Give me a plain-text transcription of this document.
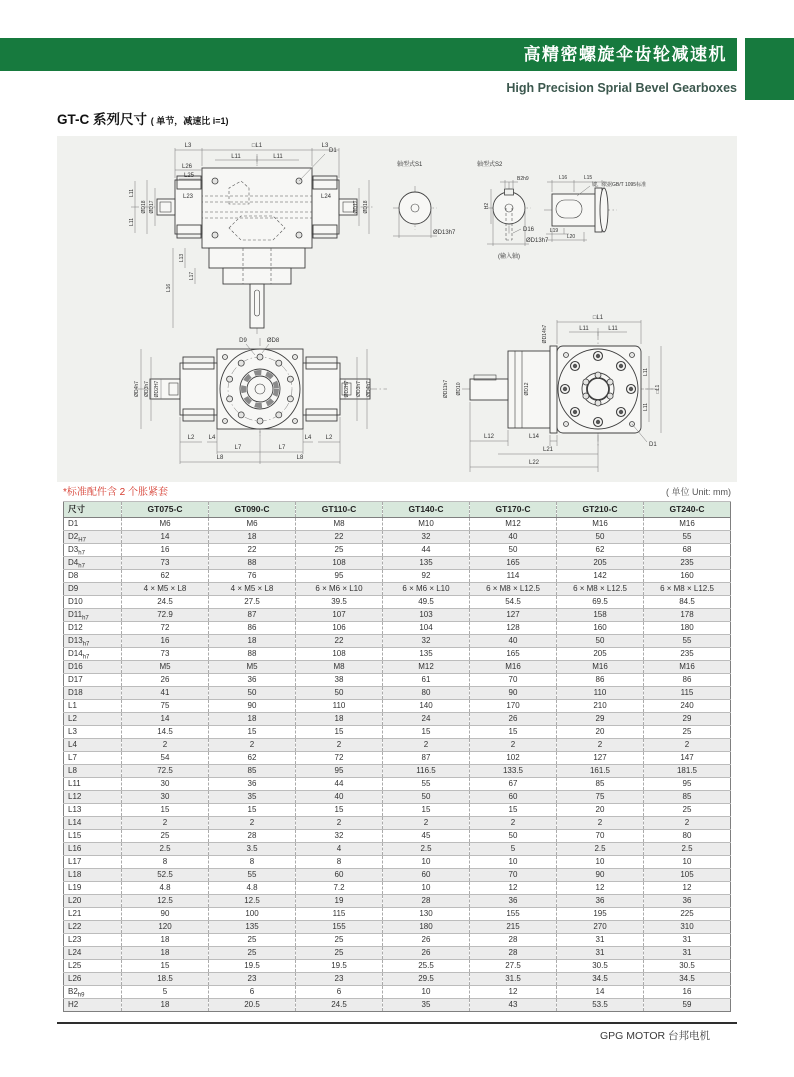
高精密螺旋伞齿轮减速机
High Precision Sprial Bevel Gearboxes
GT-C 系列尺寸 ( 单节，减速比 i=1)
L3	□L1	L3
D1
L11	L11
L26
L25
L23	L24
ØD18 ØD17	ØD17 ØD18
L11
L11
L13
L16
L17
轴型式S1
ØD13h7
轴型式S2
B2h9
H2
D16
ØD13h7
(输入轴)
L16	L15
L19
L20
键，依据GB/T 1095标准
D9	ØD8
ØD4h7 ØD3h7 ØD2H7	ØD2H7 ØD3h7 ØD4h7
L2 L4	L4 L2
L7	L7
L8	L8
ØD14h7
□L1
L11	L11
ØD11h7 ØD10	ØD12
L11
L11
□L1
L12	L14
L21
L22
D1
*标准配件含 2 个胀紧套	( 单位 Unit: mm)
尺寸	GT075-C	GT090-C	GT110-C	GT140-C	GT170-C	GT210-C	GT240-C
D1	M6	M6	M8	M10	M12	M16	M16
$D2_{H7}$	14	18	22	32	40	50	55
$D3_{h7}$	16	22	25	44	50	62	68
$D4_{h7}$	73	88	108	135	165	205	235
D8	62	76	95	92	114	142	160
D9	4 × M5 × L8	4 × M5 × L8	6 × M6 × L10	6 × M6 × L10	6 × M8 × L12.5	6 × M8 × L12.5	6 × M8 × L12.5
D10	24.5	27.5	39.5	49.5	54.5	69.5	84.5
$D11_{h7}$	72.9	87	107	103	127	158	178
D12	72	86	106	104	128	160	180
$D13_{h7}$	16	18	22	32	40	50	55
$D14_{h7}$	73	88	108	135	165	205	235
D16	M5	M5	M8	M12	M16	M16	M16
D17	26	36	38	61	70	86	86
D18	41	50	50	80	90	110	115
L1	75	90	110	140	170	210	240
L2	14	18	18	24	26	29	29
L3	14.5	15	15	15	15	20	25
L4	2	2	2	2	2	2	2
L7	54	62	72	87	102	127	147
L8	72.5	85	95	116.5	133.5	161.5	181.5
L11	30	36	44	55	67	85	95
L12	30	35	40	50	60	75	85
L13	15	15	15	15	15	20	25
L14	2	2	2	2	2	2	2
L15	25	28	32	45	50	70	80
L16	2.5	3.5	4	2.5	5	2.5	2.5
L17	8	8	8	10	10	10	10
L18	52.5	55	60	60	70	90	105
L19	4.8	4.8	7.2	10	12	12	12
L20	12.5	12.5	19	28	36	36	36
L21	90	100	115	130	155	195	225
L22	120	135	155	180	215	270	310
L23	18	25	25	26	28	31	31
L24	18	25	25	26	28	31	31
L25	15	19.5	19.5	25.5	27.5	30.5	30.5
L26	18.5	23	23	29.5	31.5	34.5	34.5
$B2_{h9}$	5	6	6	10	12	14	16
H2	18	20.5	24.5	35	43	53.5	59
GPG MOTOR 台邦电机
